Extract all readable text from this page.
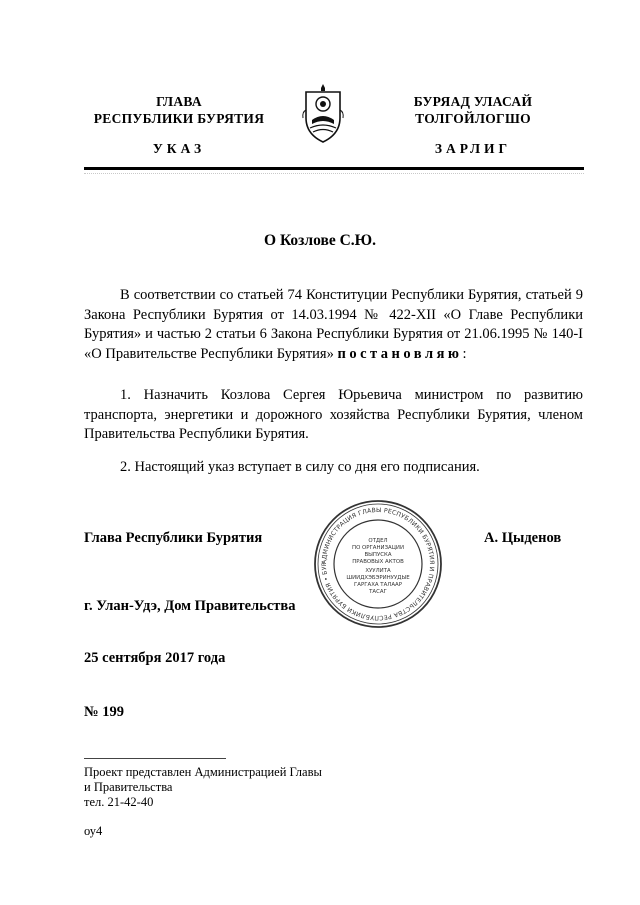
ГЛАВА
РЕСПУБЛИКИ БУРЯТИЯ
БУРЯАД УЛАСАЙ
ТОЛГОЙЛОГШО
УКАЗ	ЗАРЛИГ
О Козлове С.Ю.

В соответствии со статьей 74 Конституции Республики Бурятия, статьей 9 Закона Республики Бурятия от 14.03.1994 № 422-XII «О Главе Республики Бурятия» и частью 2 статьи 6 Закона Республики Бурятия от 21.06.1995 № 140-I «О Правительстве Республики Бурятия» постановляю:

1. Назначить Козлова Сергея Юрьевича министром по развитию транспорта, энергетики и дорожного хозяйства Республики Бурятия, членом Правительства Республики Бурятия.

2. Настоящий указ вступает в силу со дня его подписания.

Глава Республики Бурятия	А. Цыденов
АДМИНИСТРАЦИЯ ГЛАВЫ РЕСПУБЛИКИ БУРЯТИЯ И ПРАВИТЕЛЬСТВА РЕСПУБЛИКИ БУРЯТИЯ • БУР
ОТДЕЛ
ПО ОРГАНИЗАЦИИ
ВЫПУСКА
ПРАВОВЫХ АКТОВ
ХУУЛИТА
ШИИДХЭБЭРИНУУДЫЕ
ГАРГАХА ТАЛААР
ТАСАГ
г. Улан-Удэ, Дом Правительства
25 сентября 2017 года
№ 199
Проект представлен Администрацией Главы
и Правительства
тел. 21-42-40
оу4
